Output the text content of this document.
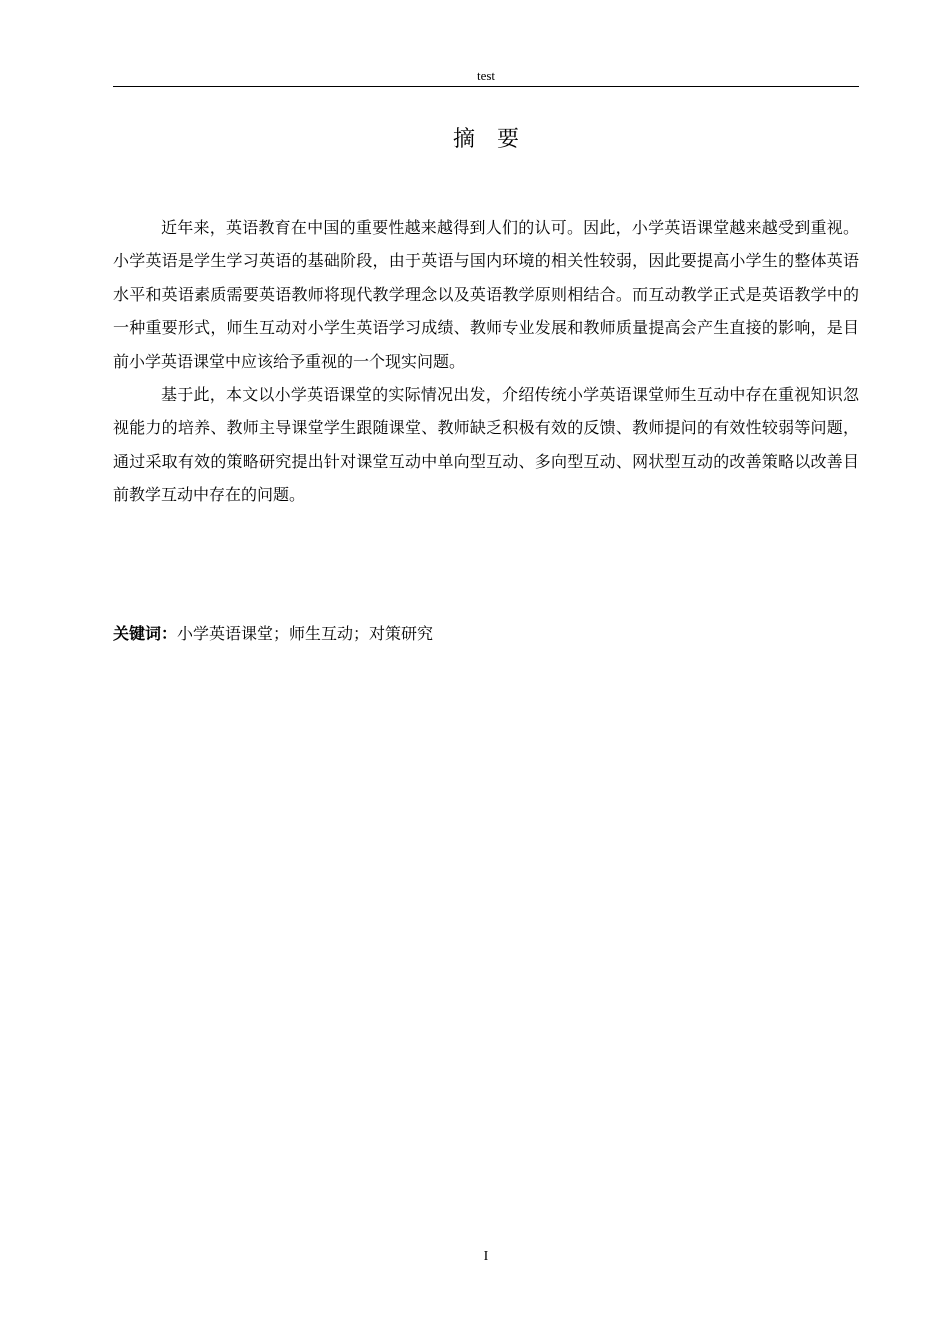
test
摘要

近年来，英语教育在中国的重要性越来越得到人们的认可。因此，小学英语课堂越来越受到重视。小学英语是学生学习英语的基础阶段，由于英语与国内环境的相关性较弱，因此要提高小学生的整体英语水平和英语素质需要英语教师将现代教学理念以及英语教学原则相结合。而互动教学正式是英语教学中的一种重要形式，师生互动对小学生英语学习成绩、教师专业发展和教师质量提高会产生直接的影响，是目前小学英语课堂中应该给予重视的一个现实问题。

基于此，本文以小学英语课堂的实际情况出发，介绍传统小学英语课堂师生互动中存在重视知识忽视能力的培养、教师主导课堂学生跟随课堂、教师缺乏积极有效的反馈、教师提问的有效性较弱等问题，通过采取有效的策略研究提出针对课堂互动中单向型互动、多向型互动、网状型互动的改善策略以改善目前教学互动中存在的问题。

关键词：小学英语课堂；师生互动；对策研究
I
